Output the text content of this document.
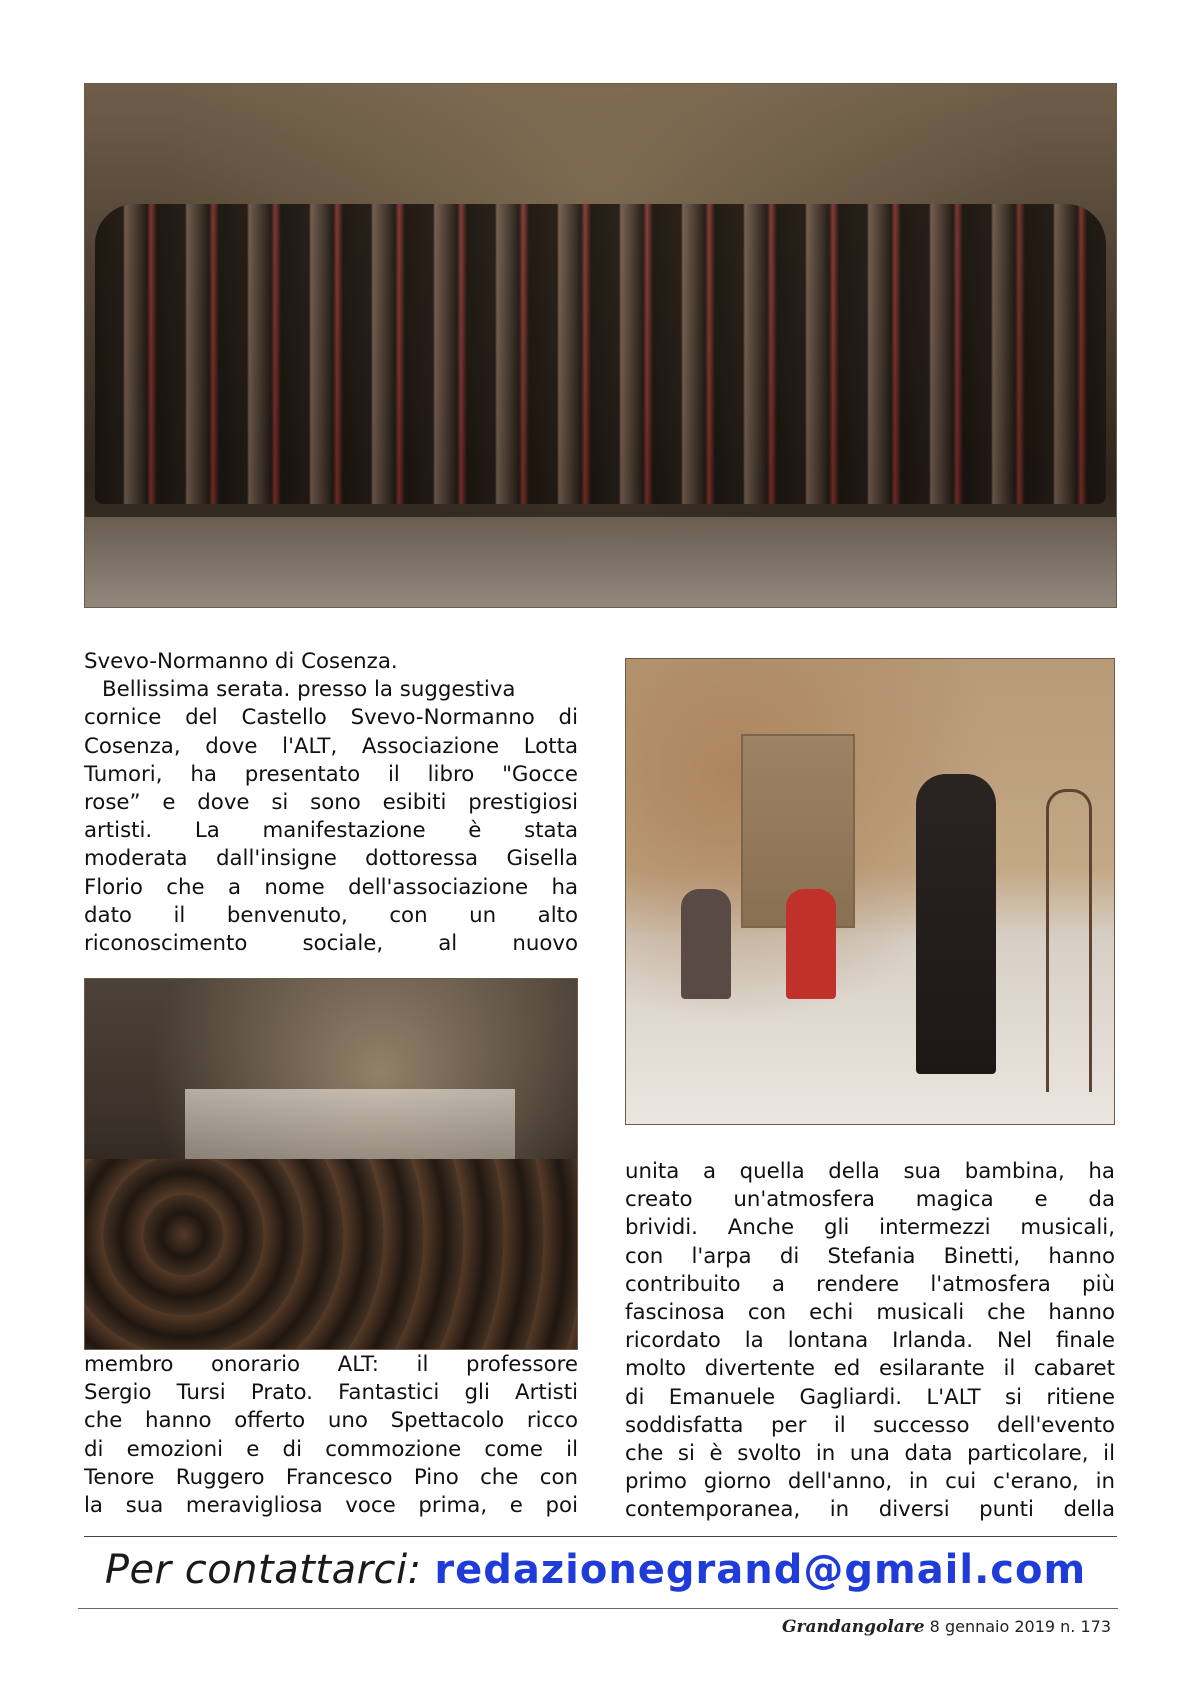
Svevo-Normanno di Cosenza.

Bellissima serata. presso la suggestiva

cornice del Castello Svevo-Normanno di

Cosenza, dove l'ALT, Associazione Lotta

Tumori, ha presentato il libro "Gocce

rose” e dove si sono esibiti prestigiosi

artisti. La manifestazione è stata

moderata dall'insigne dottoressa Gisella

Florio che a nome dell'associazione ha

dato il benvenuto, con un alto

riconoscimento sociale, al nuovo

unita a quella della sua bambina, ha

creato un'atmosfera magica e da

brividi. Anche gli intermezzi musicali,

con l'arpa di Stefania Binetti, hanno

contribuito a rendere l'atmosfera più

fascinosa con echi musicali che hanno

ricordato la lontana Irlanda. Nel finale

molto divertente ed esilarante il cabaret

di Emanuele Gagliardi. L'ALT si ritiene

soddisfatta per il successo dell'evento

che si è svolto in una data particolare, il

primo giorno dell'anno, in cui c'erano, in

contemporanea, in diversi punti della

membro onorario ALT: il professore

Sergio Tursi Prato. Fantastici gli Artisti

che hanno offerto uno Spettacolo ricco

di emozioni e di commozione come il

Tenore Ruggero Francesco Pino che con

la sua meravigliosa voce prima, e poi

Per contattarci: redazionegrand@gmail.com
Grandangolare 8 gennaio 2019 n. 173
